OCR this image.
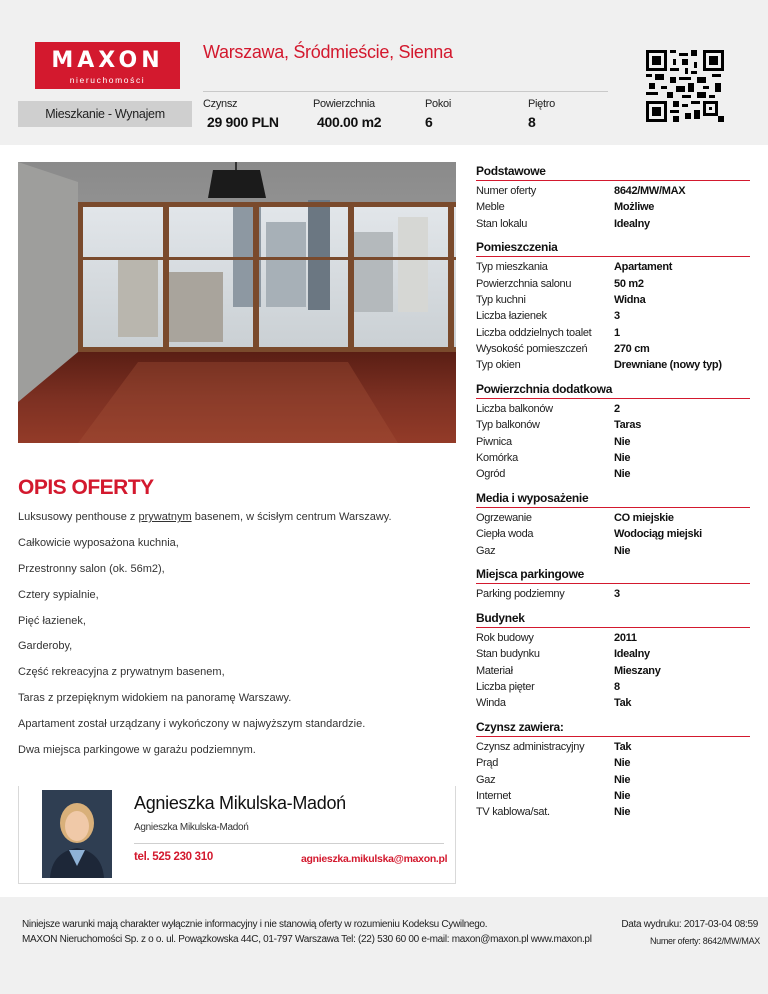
MAXON
nieruchomości
Warszawa, Śródmieście, Sienna
Mieszkanie - Wynajem
Czynsz
29 900 PLN
Powierzchnia
400.00 m2
Pokoi
6
Piętro
8
OPIS OFERTY

Luksusowy penthouse z prywatnym basenem, w ścisłym centrum Warszawy.

Całkowicie wyposażona kuchnia,

Przestronny salon (ok. 56m2),

Cztery sypialnie,

Pięć łazienek,

Garderoby,

Część rekreacyjna z prywatnym basenem,

Taras z przepięknym widokiem na panoramę Warszawy.

Apartament został urządzany i wykończony w najwyższym standardzie.

Dwa miejsca parkingowe w garażu podziemnym.

Agnieszka Mikulska-Madoń
Agnieszka Mikulska-Madoń
tel. 525 230 310	agnieszka.mikulska@maxon.pl
Podstawowe
Numer oferty	8642/MW/MAX
Meble	Możliwe
Stan lokalu	Idealny
Pomieszczenia
Typ mieszkania	Apartament
Powierzchnia salonu	50 m2
Typ kuchni	Widna
Liczba łazienek	3
Liczba oddzielnych toalet 1
Wysokość pomieszczeń 270 cm
Typ okien	Drewniane (nowy typ)
Powierzchnia dodatkowa
Liczba balkonów	2
Typ balkonów	Taras
Piwnica	Nie
Komórka	Nie
Ogród	Nie
Media i wyposażenie
Ogrzewanie	CO miejskie
Ciepła woda	Wodociąg miejski
Gaz	Nie
Miejsca parkingowe
Parking podziemny	3
Budynek
Rok budowy	2011
Stan budynku	Idealny
Materiał	Mieszany
Liczba pięter	8
Winda	Tak
Czynsz zawiera:
Czynsz administracyjny	Tak
Prąd	Nie
Gaz	Nie
Internet	Nie
TV kablowa/sat.	Nie
Niniejsze warunki mają charakter wyłącznie informacyjny i nie stanowią oferty w rozumieniu Kodeksu Cywilnego.
MAXON Nieruchomości Sp. z o o. ul. Powązkowska 44C, 01-797 Warszawa Tel: (22) 530 60 00 e-mail: maxon@maxon.pl www.maxon.pl
Data wydruku: 2017-03-04 08:59
Numer oferty: 8642/MW/MAX
